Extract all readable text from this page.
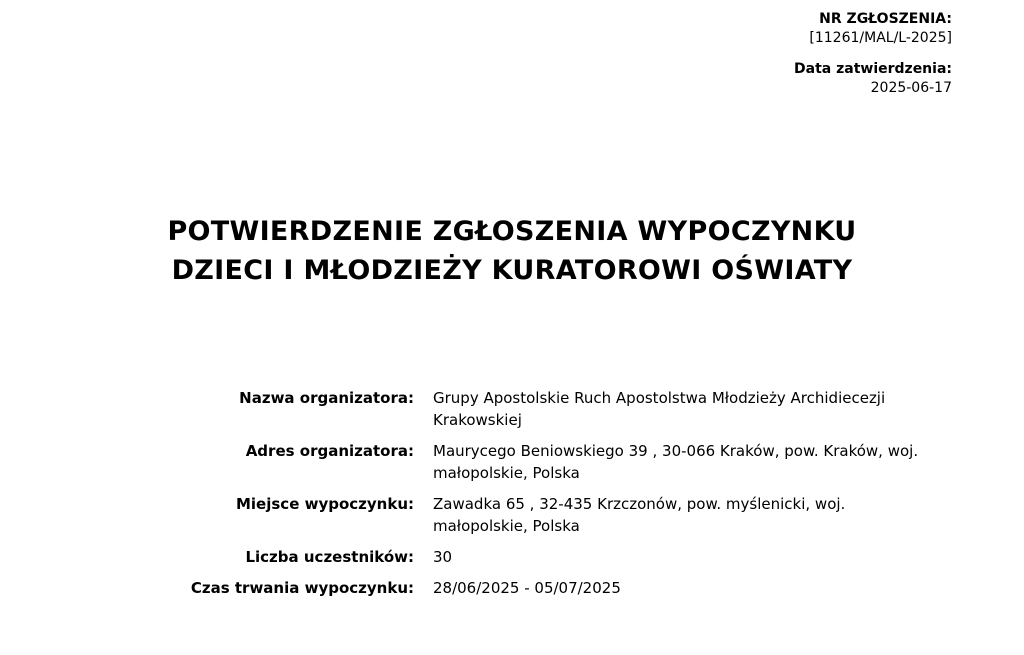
NR ZGŁOSZENIA:
[11261/MAL/L-2025]
Data zatwierdzenia:
2025-06-17
POTWIERDZENIE ZGŁOSZENIA WYPOCZYNKU
DZIECI I MŁODZIEŻY KURATOROWI OŚWIATY
Nazwa organizatora: Grupy Apostolskie Ruch Apostolstwa Młodzieży Archidiecezji Krakowskiej
Adres organizatora: Maurycego Beniowskiego 39 , 30-066 Kraków, pow. Kraków, woj. małopolskie, Polska
Miejsce wypoczynku: Zawadka 65 , 32-435 Krzczonów, pow. myślenicki, woj. małopolskie, Polska
Liczba uczestników: 30
Czas trwania wypoczynku: 28/06/2025 - 05/07/2025
